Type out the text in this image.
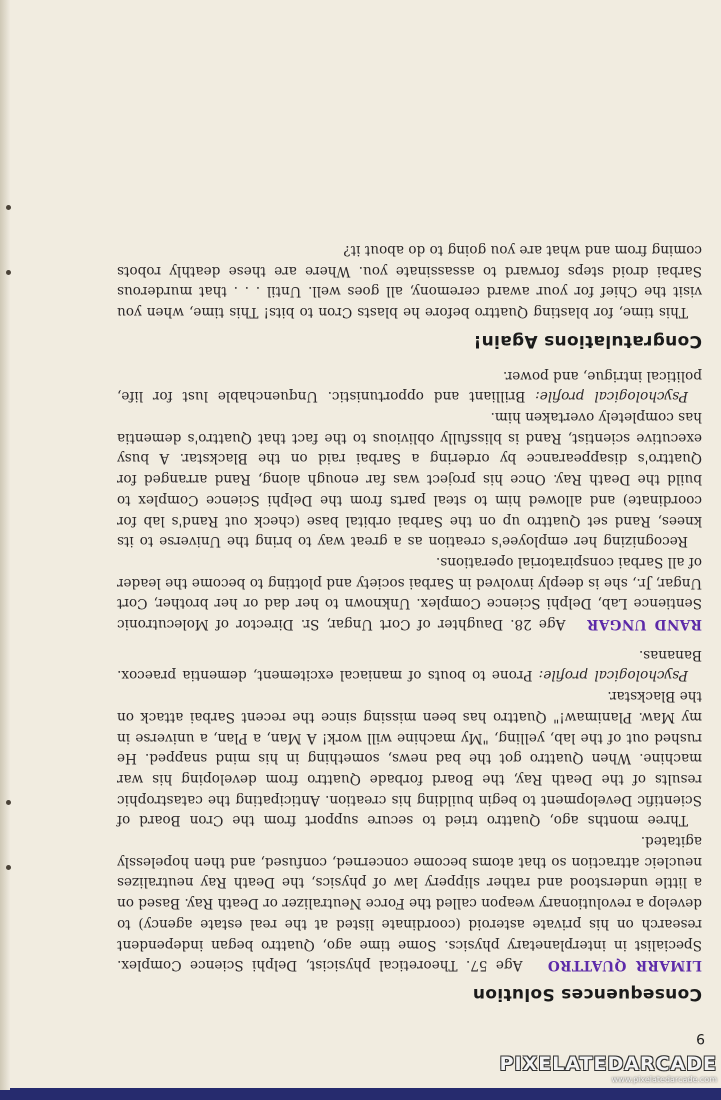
9
Consequences Solution

LIMARR QUATTRO   Age 57. Theoretical physicist, Delphi Science Complex. Specialist in interplanetary physics. Some time ago, Quattro began independent research on his private asteroid (coordinate listed at the real estate agency) to develop a revolutionary weapon called the Force Neutralizer or Death Ray. Based on a little understood and rather slippery law of physics, the Death Ray neutralizes neucleic attraction so that atoms become concerned, confused, and then hopelessly agitated.

Three months ago, Quattro tried to secure support from the Cron Board of Scientific Development to begin building his creation. Anticipating the catastrophic results of the Death Ray, the Board forbade Quattro from developing his war machine. When Quattro got the bad news, something in his mind snapped. He rushed out of the lab, yelling, "My machine will work! A Man, a Plan, a universe in my Maw. Planimaw!" Quattro has been missing since the recent Sarbai attack on the Blackstar.

Psychological profile: Prone to bouts of maniacal excitement, dementia praecox. Bananas.

RAND UNGAR   Age 28. Daughter of Cort Ungar, Sr. Director of Molecutronic Sentience Lab, Delphi Science Complex. Unknown to her dad or her brother, Cort Ungar, Jr., she is deeply involved in Sarbai society and plotting to become the leader of all Sarbai conspiratorial operations.

Recognizing her employee's creation as a great way to bring the Universe to its knees, Rand set Quattro up on the Sarbai orbital base (check out Rand's lab for coordinate) and allowed him to steal parts from the Delphi Science Complex to build the Death Ray. Once his project was far enough along, Rand arranged for Quattro's disappearance by ordering a Sarbai raid on the Blackstar. A busy executive scientist, Rand is blissfully oblivious to the fact that Quattro's dementia has completely overtaken him.

Psychological profile: Brilliant and opportunistic. Unquenchable lust for life, political intrigue, and power.

Congratulations Again!

This time, for blasting Quattro before he blasts Cron to bits! This time, when you visit the Chief for your award ceremony, all goes well. Until . . . that murderous Sarbai droid steps forward to assassinate you. Where are these deathly robots coming from and what are you going to do about it?

PIXELATEDARCADE
www.pixelatedarcade.com
